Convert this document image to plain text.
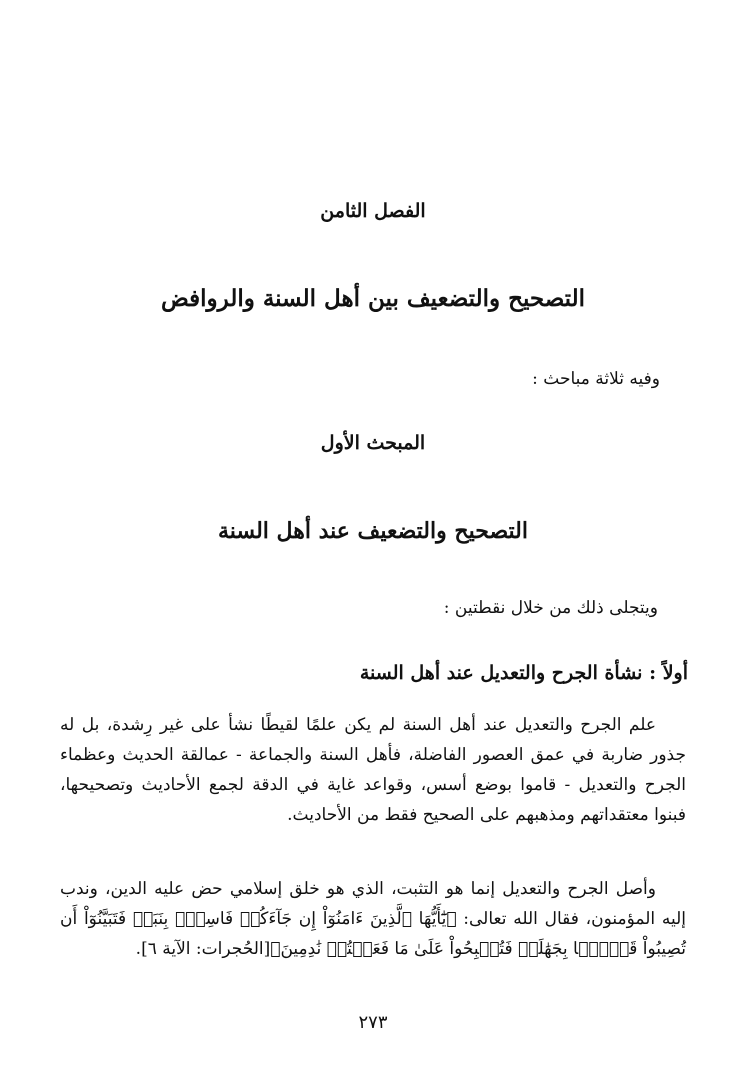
الفصل الثامن
التصحيح والتضعيف بين أهل السنة والروافض
وفيه ثلاثة مباحث :
المبحث الأول
التصحيح والتضعيف عند أهل السنة
ويتجلى ذلك من خلال نقطتين :
أولاً : نشأة الجرح والتعديل عند أهل السنة
علم الجرح والتعديل عند أهل السنة لم يكن علمًا لقيطًا نشأ على غير رِشدة، بل له جذور ضاربة في عمق العصور الفاضلة، فأهل السنة والجماعة - عمالقة الحديث وعظماء الجرح والتعديل - قاموا بوضع أسس، وقواعد غاية في الدقة لجمع الأحاديث وتصحيحها، فبنوا معتقداتهم ومذهبهم على الصحيح فقط من الأحاديث.
وأصل الجرح والتعديل إنما هو التثبت، الذي هو خلق إسلامي حض عليه الدين، وندب إليه المؤمنون، فقال الله تعالى: ﴿يَٰٓأَيُّهَا ٱلَّذِينَ ءَامَنُوٓاْ إِن جَآءَكُمۡ فَاسِقُۢ بِنَبَإٖ فَتَبَيَّنُوٓاْ أَن تُصِيبُواْ قَوۡمَۢا بِجَهَٰلَةٖ فَتُصۡبِحُواْ عَلَىٰ مَا فَعَلۡتُمۡ نَٰدِمِينَ﴾[الحُجرات: الآية ٦].
٢٧٣
